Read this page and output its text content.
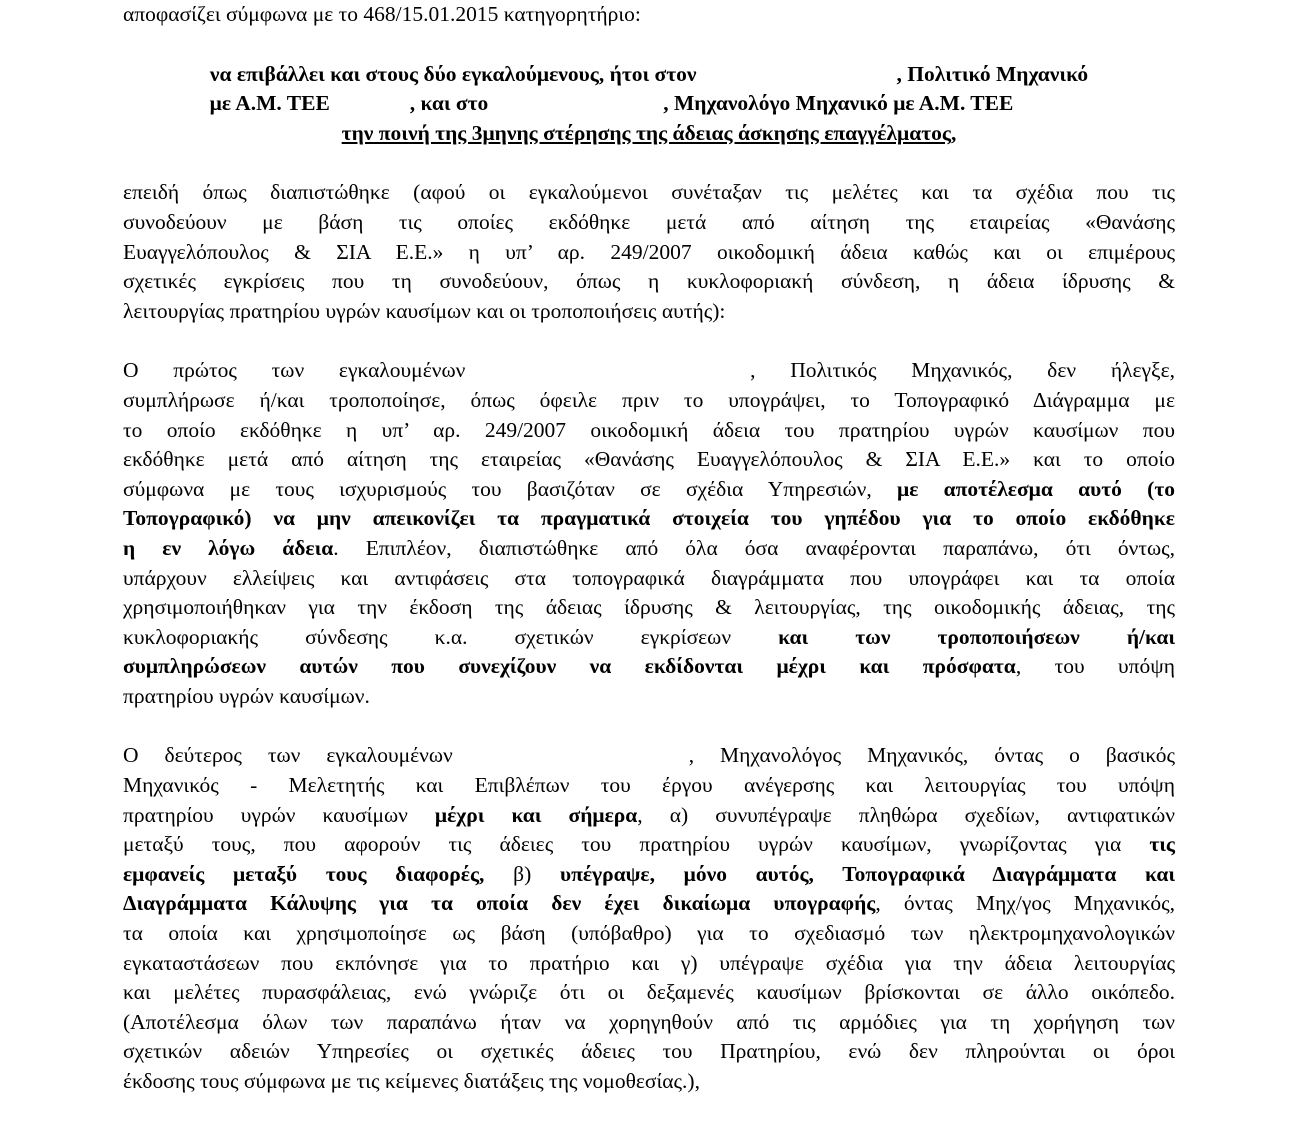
αποφασίζει σύμφωνα με το 468/15.01.2015 κατηγορητήριο:
να επιβάλλει και στους δύο εγκαλούμενους, ήτοι στον	, Πολιτικό Μηχανικό
με Α.Μ. ΤΕΕ	, και στο	, Μηχανολόγο Μηχανικό με Α.Μ. ΤΕΕ
την ποινή της 3μηνης στέρησης της άδειας άσκησης επαγγέλματος,
επειδή όπως διαπιστώθηκε (αφού οι εγκαλούμενοι συνέταξαν τις μελέτες και τα σχέδια που τις
συνοδεύουν με βάση τις οποίες εκδόθηκε μετά από αίτηση της εταιρείας «Θανάσης
Ευαγγελόπουλος & ΣΙΑ Ε.Ε.» η υπ’ αρ. 249/2007 οικοδομική άδεια καθώς και οι επιμέρους
σχετικές εγκρίσεις που τη συνοδεύουν, όπως η κυκλοφοριακή σύνδεση, η άδεια ίδρυσης &
λειτουργίας πρατηρίου υγρών καυσίμων και οι τροποποιήσεις αυτής):
Ο πρώτος των εγκαλουμένων	, Πολιτικός Μηχανικός, δεν ήλεγξε,
συμπλήρωσε ή/και τροποποίησε, όπως όφειλε πριν το υπογράψει, το Τοπογραφικό Διάγραμμα με
το οποίο εκδόθηκε η υπ’ αρ. 249/2007 οικοδομική άδεια του πρατηρίου υγρών καυσίμων που
εκδόθηκε μετά από αίτηση της εταιρείας «Θανάσης Ευαγγελόπουλος & ΣΙΑ Ε.Ε.» και το οποίο
σύμφωνα με τους ισχυρισμούς του βασιζόταν σε σχέδια Υπηρεσιών, με αποτέλεσμα αυτό (το
Τοπογραφικό) να μην απεικονίζει τα πραγματικά στοιχεία του γηπέδου για το οποίο εκδόθηκε
η εν λόγω άδεια. Επιπλέον, διαπιστώθηκε από όλα όσα αναφέρονται παραπάνω, ότι όντως,
υπάρχουν ελλείψεις και αντιφάσεις στα τοπογραφικά διαγράμματα που υπογράφει και τα οποία
χρησιμοποιήθηκαν για την έκδοση της άδειας ίδρυσης & λειτουργίας, της οικοδομικής άδειας, της
κυκλοφοριακής σύνδεσης κ.α. σχετικών εγκρίσεων και των τροποποιήσεων ή/και
συμπληρώσεων αυτών που συνεχίζουν να εκδίδονται μέχρι και πρόσφατα, του υπόψη
πρατηρίου υγρών καυσίμων.
Ο δεύτερος των εγκαλουμένων	, Μηχανολόγος Μηχανικός, όντας ο βασικός
Μηχανικός - Μελετητής και Επιβλέπων του έργου ανέγερσης και λειτουργίας του υπόψη
πρατηρίου υγρών καυσίμων μέχρι και σήμερα, α) συνυπέγραψε πληθώρα σχεδίων, αντιφατικών
μεταξύ τους, που αφορούν τις άδειες του πρατηρίου υγρών καυσίμων, γνωρίζοντας για τις
εμφανείς μεταξύ τους διαφορές, β) υπέγραψε, μόνο αυτός, Τοπογραφικά Διαγράμματα και
Διαγράμματα Κάλυψης για τα οποία δεν έχει δικαίωμα υπογραφής, όντας Μηχ/γος Μηχανικός,
τα οποία και χρησιμοποίησε ως βάση (υπόβαθρο) για το σχεδιασμό των ηλεκτρομηχανολογικών
εγκαταστάσεων που εκπόνησε για το πρατήριο και γ) υπέγραψε σχέδια για την άδεια λειτουργίας
και μελέτες πυρασφάλειας, ενώ γνώριζε ότι οι δεξαμενές καυσίμων βρίσκονται σε άλλο οικόπεδο.
(Αποτέλεσμα όλων των παραπάνω ήταν να χορηγηθούν από τις αρμόδιες για τη χορήγηση των
σχετικών αδειών Υπηρεσίες οι σχετικές άδειες του Πρατηρίου, ενώ δεν πληρούνται οι όροι
έκδοσης τους σύμφωνα με τις κείμενες διατάξεις της νομοθεσίας.),
